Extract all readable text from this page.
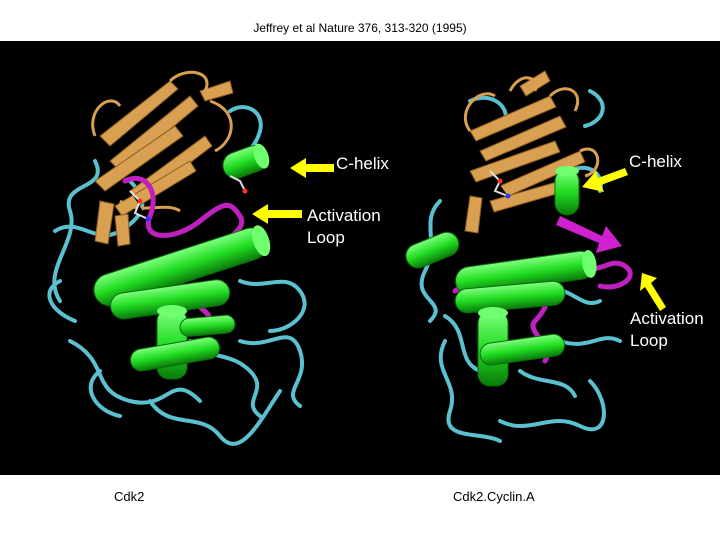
Jeffrey et al Nature 376, 313-320 (1995)
C-helix
Activation
Loop
C-helix
Activation
Loop
Cdk2	Cdk2.Cyclin.A
